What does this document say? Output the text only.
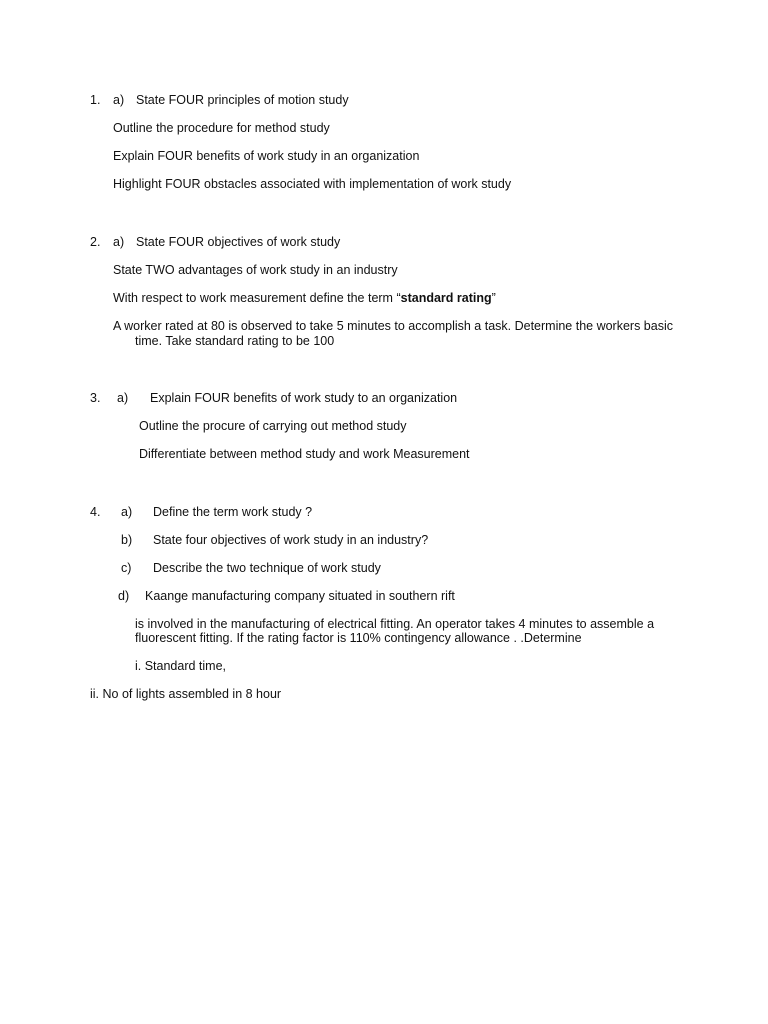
1. a) State FOUR principles of motion study
Outline the procedure for method study
Explain FOUR benefits of work study in an organization
Highlight FOUR obstacles associated with implementation of work study
2. a) State FOUR objectives of work study
State TWO advantages of work study in an industry
With respect to work measurement define the term “standard rating”
A worker rated at 80 is observed to take 5 minutes to accomplish a task. Determine the workers basic
time. Take standard rating to be 100
3. a) Explain FOUR benefits of work study to an organization
Outline the procure of carrying out method study
Differentiate between method study and work Measurement
4. a) Define the term work study ?
b) State four objectives of work study in an industry?
c) Describe the two technique of work study
d) Kaange manufacturing company situated in southern rift
is involved in the manufacturing of electrical fitting. An operator takes 4 minutes to assemble a
fluorescent fitting. If the rating factor is 110% contingency allowance . .Determine
i. Standard time,
ii. No of lights assembled in 8 hour
